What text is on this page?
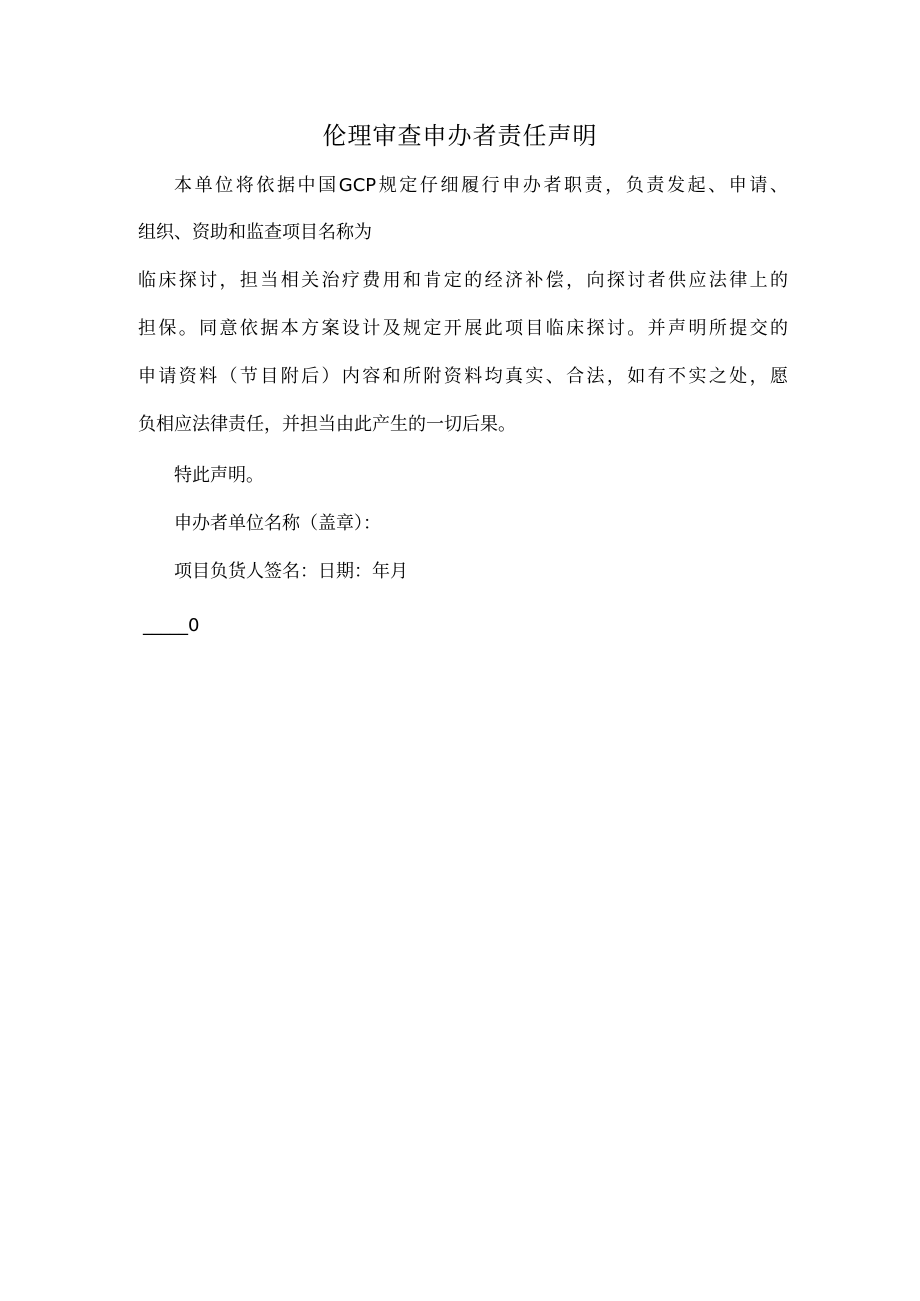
伦理审查申办者责任声明
本单位将依据中国GCP规定仔细履行申办者职责，负责发起、申请、
组织、资助和监查项目名称为
临床探讨，担当相关治疗费用和肯定的经济补偿，向探讨者供应法律上的
担保。同意依据本方案设计及规定开展此项目临床探讨。并声明所提交的
申请资料（节目附后）内容和所附资料均真实、合法，如有不实之处，愿
负相应法律责任，并担当由此产生的一切后果。
特此声明。
申办者单位名称（盖章）：
项目负货人签名：日期：年月
_____0
